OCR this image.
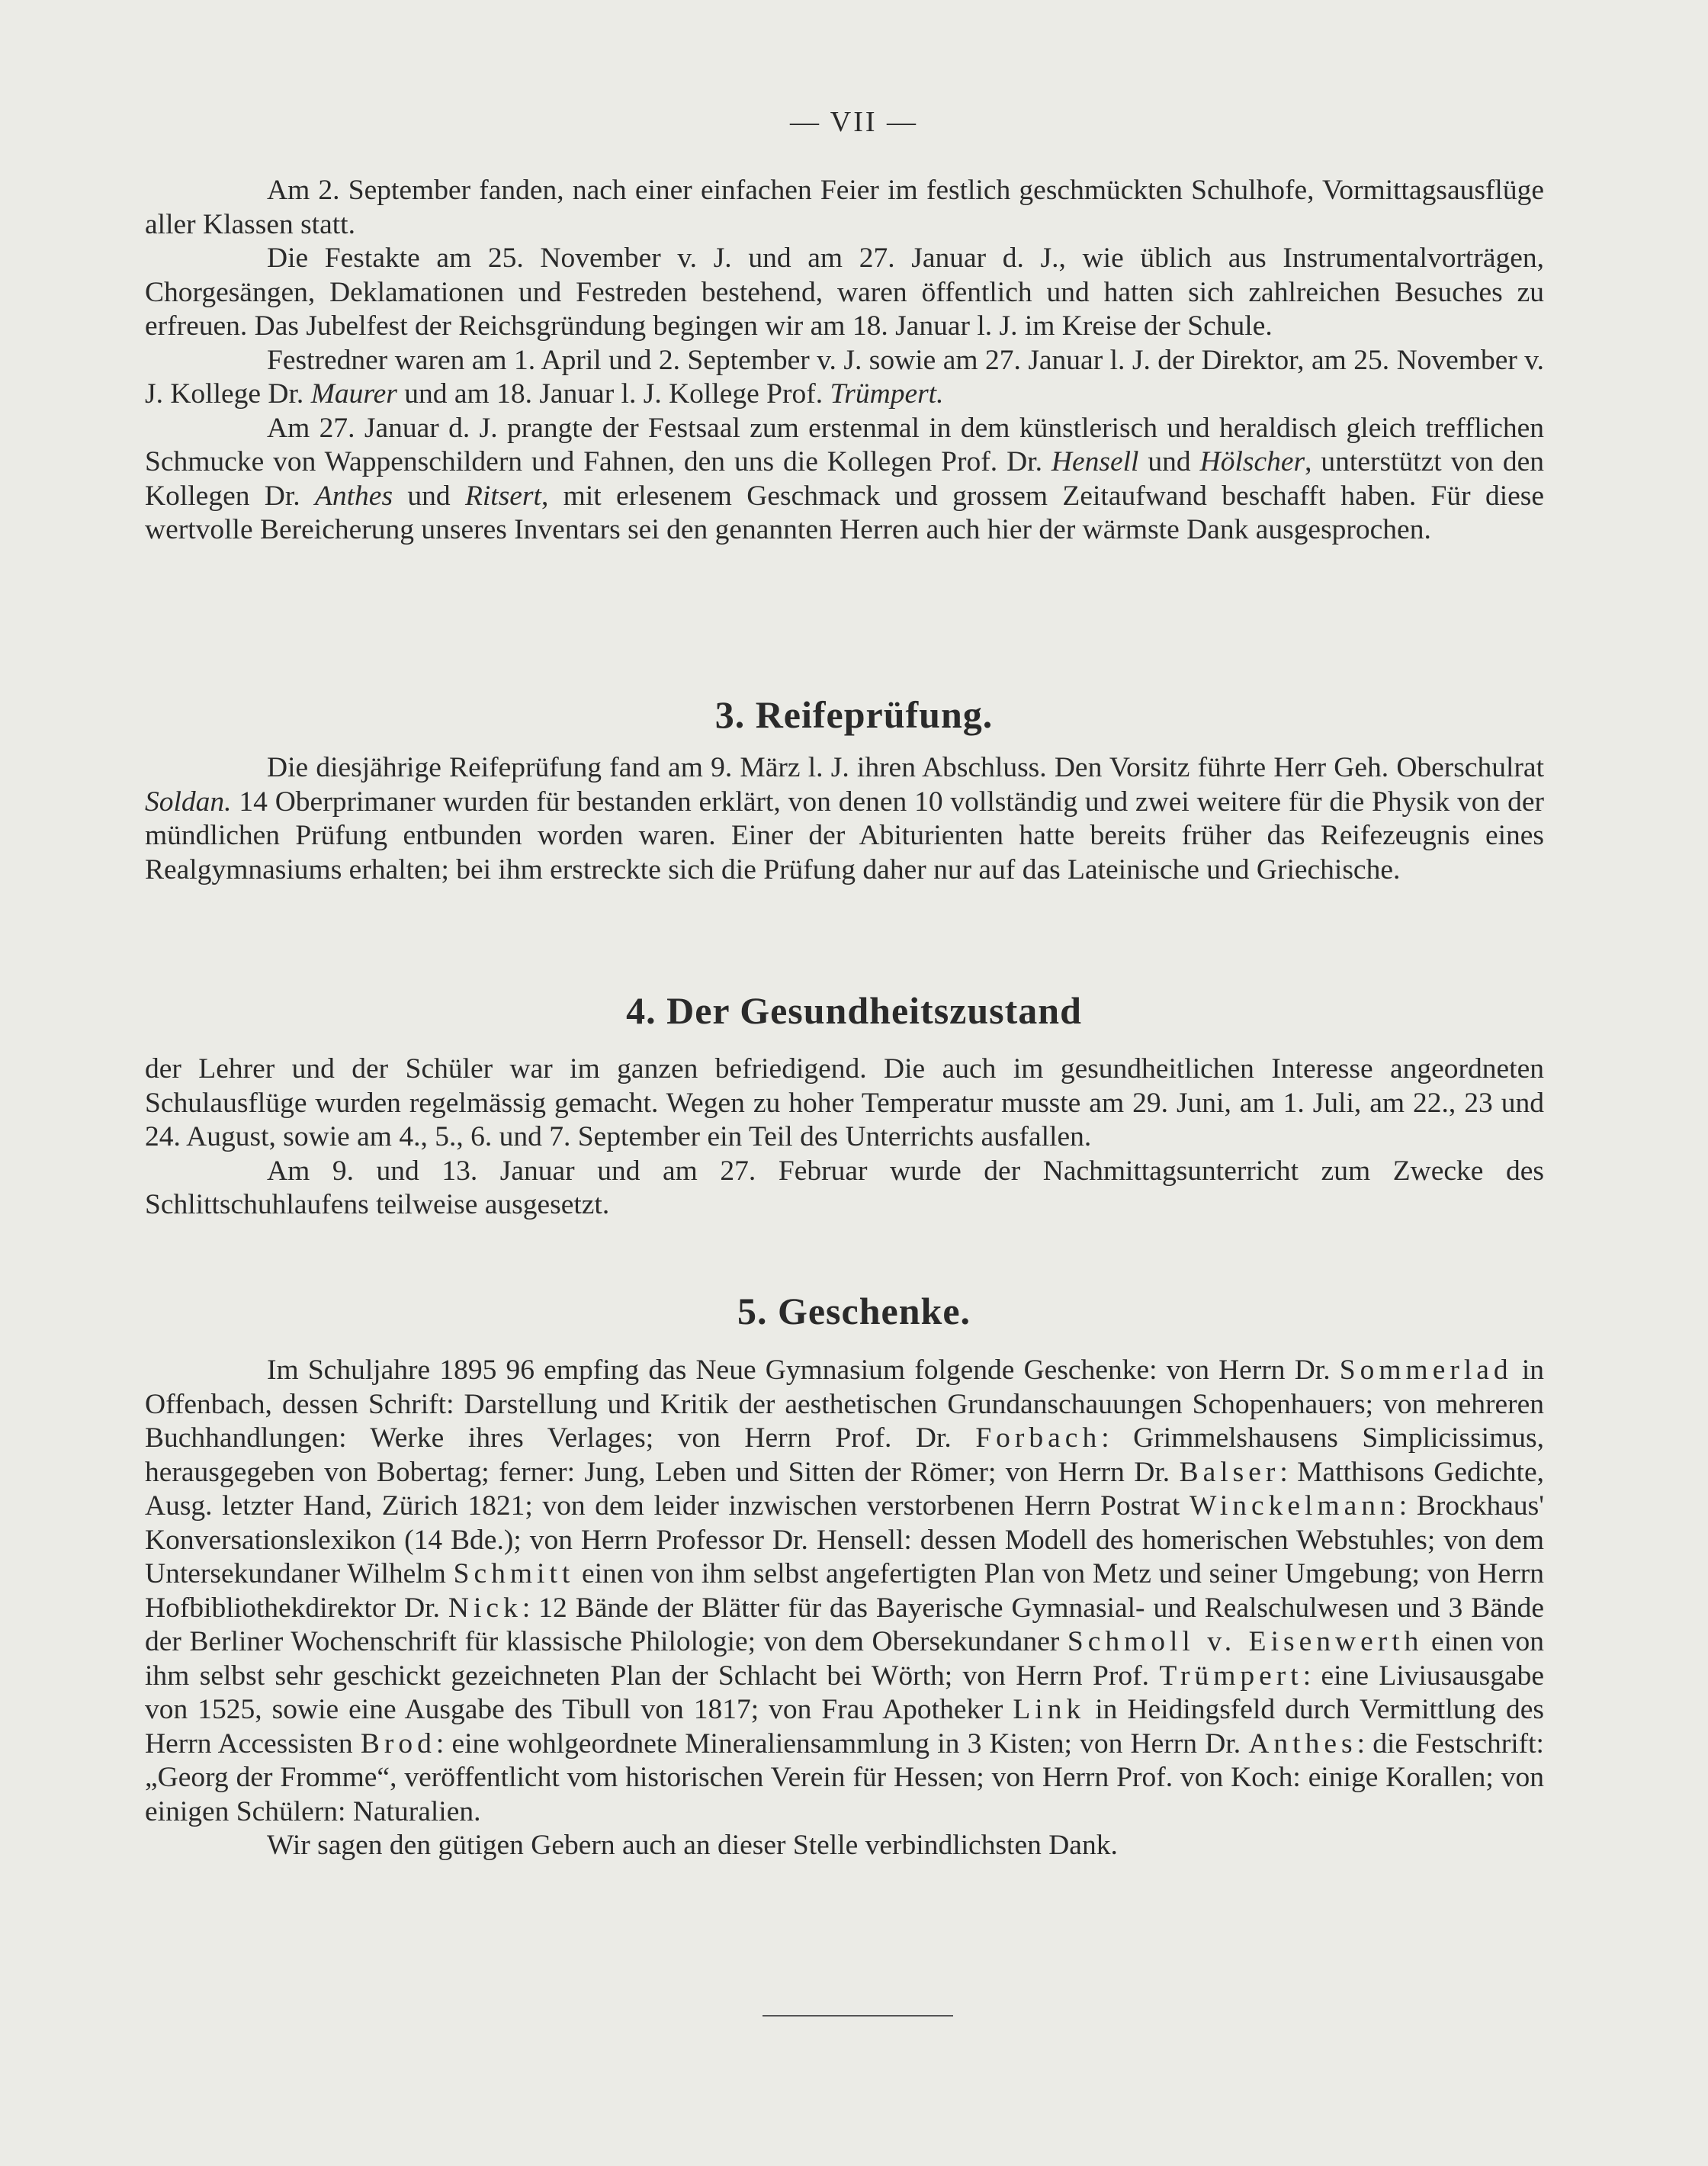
— VII —

Am 2. September fanden, nach einer einfachen Feier im festlich geschmückten Schulhofe, Vormittagsausflüge aller Klassen statt.

Die Festakte am 25. November v. J. und am 27. Januar d. J., wie üblich aus Instrumentalvorträgen, Chorgesängen, Deklamationen und Festreden bestehend, waren öffentlich und hatten sich zahlreichen Besuches zu erfreuen. Das Jubelfest der Reichsgründung begingen wir am 18. Januar l. J. im Kreise der Schule.

Festredner waren am 1. April und 2. September v. J. sowie am 27. Januar l. J. der Direktor, am 25. November v. J. Kollege Dr. Maurer und am 18. Januar l. J. Kollege Prof. Trümpert.

Am 27. Januar d. J. prangte der Festsaal zum erstenmal in dem künstlerisch und heraldisch gleich trefflichen Schmucke von Wappenschildern und Fahnen, den uns die Kollegen Prof. Dr. Hensell und Hölscher, unterstützt von den Kollegen Dr. Anthes und Ritsert, mit erlesenem Geschmack und grossem Zeitaufwand beschafft haben. Für diese wertvolle Bereicherung unseres Inventars sei den genannten Herren auch hier der wärmste Dank ausgesprochen.

3. Reifeprüfung.

Die diesjährige Reifeprüfung fand am 9. März l. J. ihren Abschluss. Den Vorsitz führte Herr Geh. Oberschulrat Soldan. 14 Oberprimaner wurden für bestanden erklärt, von denen 10 vollständig und zwei weitere für die Physik von der mündlichen Prüfung entbunden worden waren. Einer der Abiturienten hatte bereits früher das Reifezeugnis eines Realgymnasiums erhalten; bei ihm erstreckte sich die Prüfung daher nur auf das Lateinische und Griechische.

4. Der Gesundheitszustand

der Lehrer und der Schüler war im ganzen befriedigend. Die auch im gesundheitlichen Interesse angeordneten Schulausflüge wurden regelmässig gemacht. Wegen zu hoher Temperatur musste am 29. Juni, am 1. Juli, am 22., 23 und 24. August, sowie am 4., 5., 6. und 7. September ein Teil des Unterrichts ausfallen.

Am 9. und 13. Januar und am 27. Februar wurde der Nachmittagsunterricht zum Zwecke des Schlittschuhlaufens teilweise ausgesetzt.

5. Geschenke.

Im Schuljahre 1895 96 empfing das Neue Gymnasium folgende Geschenke: von Herrn Dr. Sommerlad in Offenbach, dessen Schrift: Darstellung und Kritik der aesthetischen Grundanschauungen Schopenhauers; von mehreren Buchhandlungen: Werke ihres Verlages; von Herrn Prof. Dr. Forbach: Grimmelshausens Simplicissimus, herausgegeben von Bobertag; ferner: Jung, Leben und Sitten der Römer; von Herrn Dr. Balser: Matthisons Gedichte, Ausg. letzter Hand, Zürich 1821; von dem leider inzwischen verstorbenen Herrn Postrat Winckelmann: Brockhaus' Konversationslexikon (14 Bde.); von Herrn Professor Dr. Hensell: dessen Modell des homerischen Webstuhles; von dem Untersekundaner Wilhelm Schmitt einen von ihm selbst angefertigten Plan von Metz und seiner Umgebung; von Herrn Hofbibliothekdirektor Dr. Nick: 12 Bände der Blätter für das Bayerische Gymnasial- und Realschulwesen und 3 Bände der Berliner Wochenschrift für klassische Philologie; von dem Obersekundaner Schmoll v. Eisenwerth einen von ihm selbst sehr geschickt gezeichneten Plan der Schlacht bei Wörth; von Herrn Prof. Trümpert: eine Liviusausgabe von 1525, sowie eine Ausgabe des Tibull von 1817; von Frau Apotheker Link in Heidingsfeld durch Vermittlung des Herrn Accessisten Brod: eine wohlgeordnete Mineraliensammlung in 3 Kisten; von Herrn Dr. Anthes: die Festschrift: „Georg der Fromme“, veröffentlicht vom historischen Verein für Hessen; von Herrn Prof. von Koch: einige Korallen; von einigen Schülern: Naturalien.

Wir sagen den gütigen Gebern auch an dieser Stelle verbindlichsten Dank.
